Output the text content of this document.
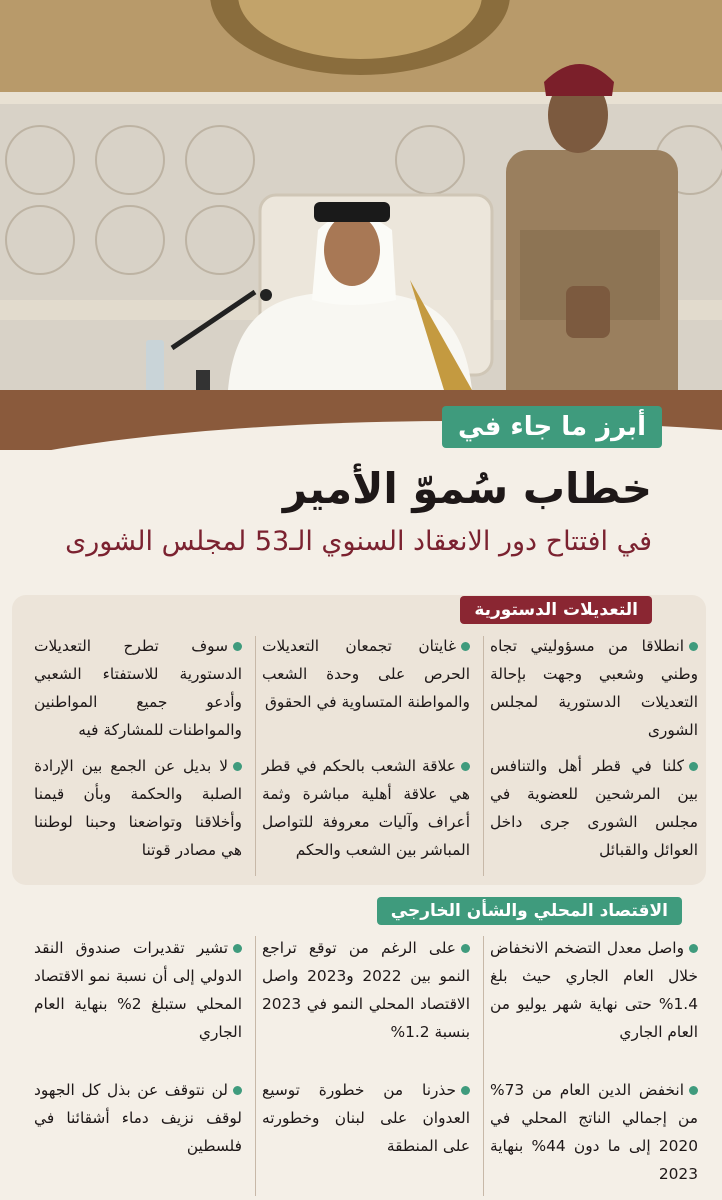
أبرز ما جاء في
خطاب سُموّ الأمير
في افتتاح دور الانعقاد السنوي الـ53 لمجلس الشورى
التعديلات الدستورية
انطلاقا من مسؤوليتي تجاه وطني وشعبي وجهت بإحالة التعديلات الدستورية لمجلس الشورى
غايتان تجمعان التعديلات الحرص على وحدة الشعب والمواطنة المتساوية في الحقوق
سوف تطرح التعديلات الدستورية للاستفتاء الشعبي وأدعو جميع المواطنين والمواطنات للمشاركة فيه
كلنا في قطر أهل والتنافس بين المرشحين للعضوية في مجلس الشورى جرى داخل العوائل والقبائل
علاقة الشعب بالحكم في قطر هي علاقة أهلية مباشرة وثمة أعراف وآليات معروفة للتواصل المباشر بين الشعب والحكم
لا بديل عن الجمع بين الإرادة الصلبة والحكمة وبأن قيمنا وأخلاقنا وتواضعنا وحبنا لوطننا هي مصادر قوتنا
الاقتصاد المحلي والشأن الخارجي
واصل معدل التضخم الانخفاض خلال العام الجاري حيث بلغ 1.4% حتى نهاية شهر يوليو من العام الجاري
على الرغم من توقع تراجع النمو بين 2022 و2023 واصل الاقتصاد المحلي النمو في 2023 بنسبة 1.2%
تشير تقديرات صندوق النقد الدولي إلى أن نسبة نمو الاقتصاد المحلي ستبلغ 2% بنهاية العام الجاري
انخفض الدين العام من 73% من إجمالي الناتج المحلي في 2020 إلى ما دون 44% بنهاية 2023
حذرنا من خطورة توسيع العدوان على لبنان وخطورته على المنطقة
لن نتوقف عن بذل كل الجهود لوقف نزيف دماء أشقائنا في فلسطين
